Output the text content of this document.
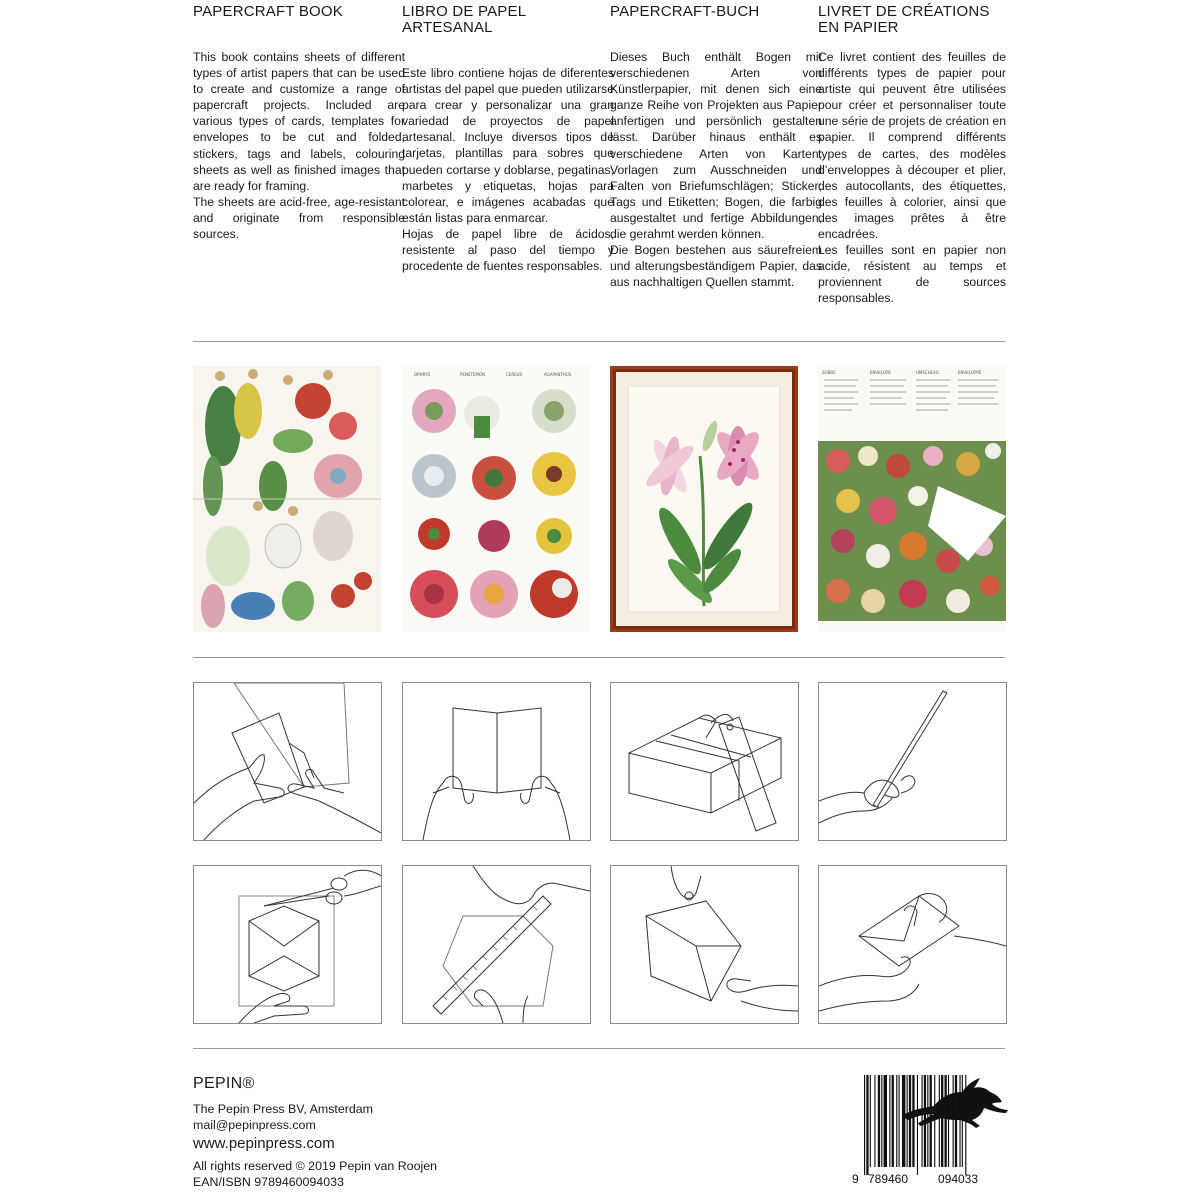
PAPERCRAFT BOOK

This book contains sheets of different types of artist papers that can be used to create and customize a range of papercraft projects. Included are various types of cards, templates for envelopes to be cut and folded, stickers, tags and labels, colouring sheets as well as finished images that are ready for framing.

The sheets are acid-free, age-resistant and originate from responsible sources.

LIBRO DE PAPEL ARTESANAL

Este libro contiene hojas de diferentes artistas del papel que pueden utilizarse para crear y personalizar una gran variedad de proyectos de papel artesanal. Incluye diversos tipos de tarjetas, plantillas para sobres que pueden cortarse y doblarse, pegatinas, marbetes y etiquetas, hojas para colorear, e imágenes acabadas que están listas para enmarcar.

Hojas de papel libre de ácidos, resistente al paso del tiempo y procedente de fuentes responsables.

PAPERCRAFT-BUCH

Dieses Buch enthält Bogen mit verschiedenen Arten von Künstlerpapier, mit denen sich eine ganze Reihe von Projekten aus Papier anfertigen und persönlich gestalten lässt. Darüber hinaus enthält es verschiedene Arten von Karten; Vorlagen zum Ausschneiden und Falten von Briefumschlägen; Sticker; Tags und Etiketten; Bogen, die farbig ausgestaltet und fertige Abbildungen, die gerahmt werden können.

Die Bogen bestehen aus säurefreiem und alterungsbeständigem Papier, das aus nachhaltigen Quellen stammt.

LIVRET DE CRÉATIONS
EN PAPIER

Ce livret contient des feuilles de différents types de papier pour artiste qui peuvent être utilisées pour créer et personnaliser toute une série de projets de création en papier. Il comprend différents types de cartes, des modèles d’enveloppes à découper et plier, des autocollants, des étiquettes, des feuilles à colorier, ainsi que des images prêtes à être encadrées.

Les feuilles sont en papier non acide, résistent au temps et proviennent de sources responsables.

OPHRYS	PENSTEMON	CEREUS	AGAPANTHUS	SOBRE	ENVELOPE	UMSCHLAG	ENVELOPPE
PEPIN®
The Pepin Press BV, Amsterdam
mail@pepinpress.com
www.pepinpress.com
All rights reserved © 2019 Pepin van Roojen
EAN/ISBN 9789460094033	9 789460 094033
